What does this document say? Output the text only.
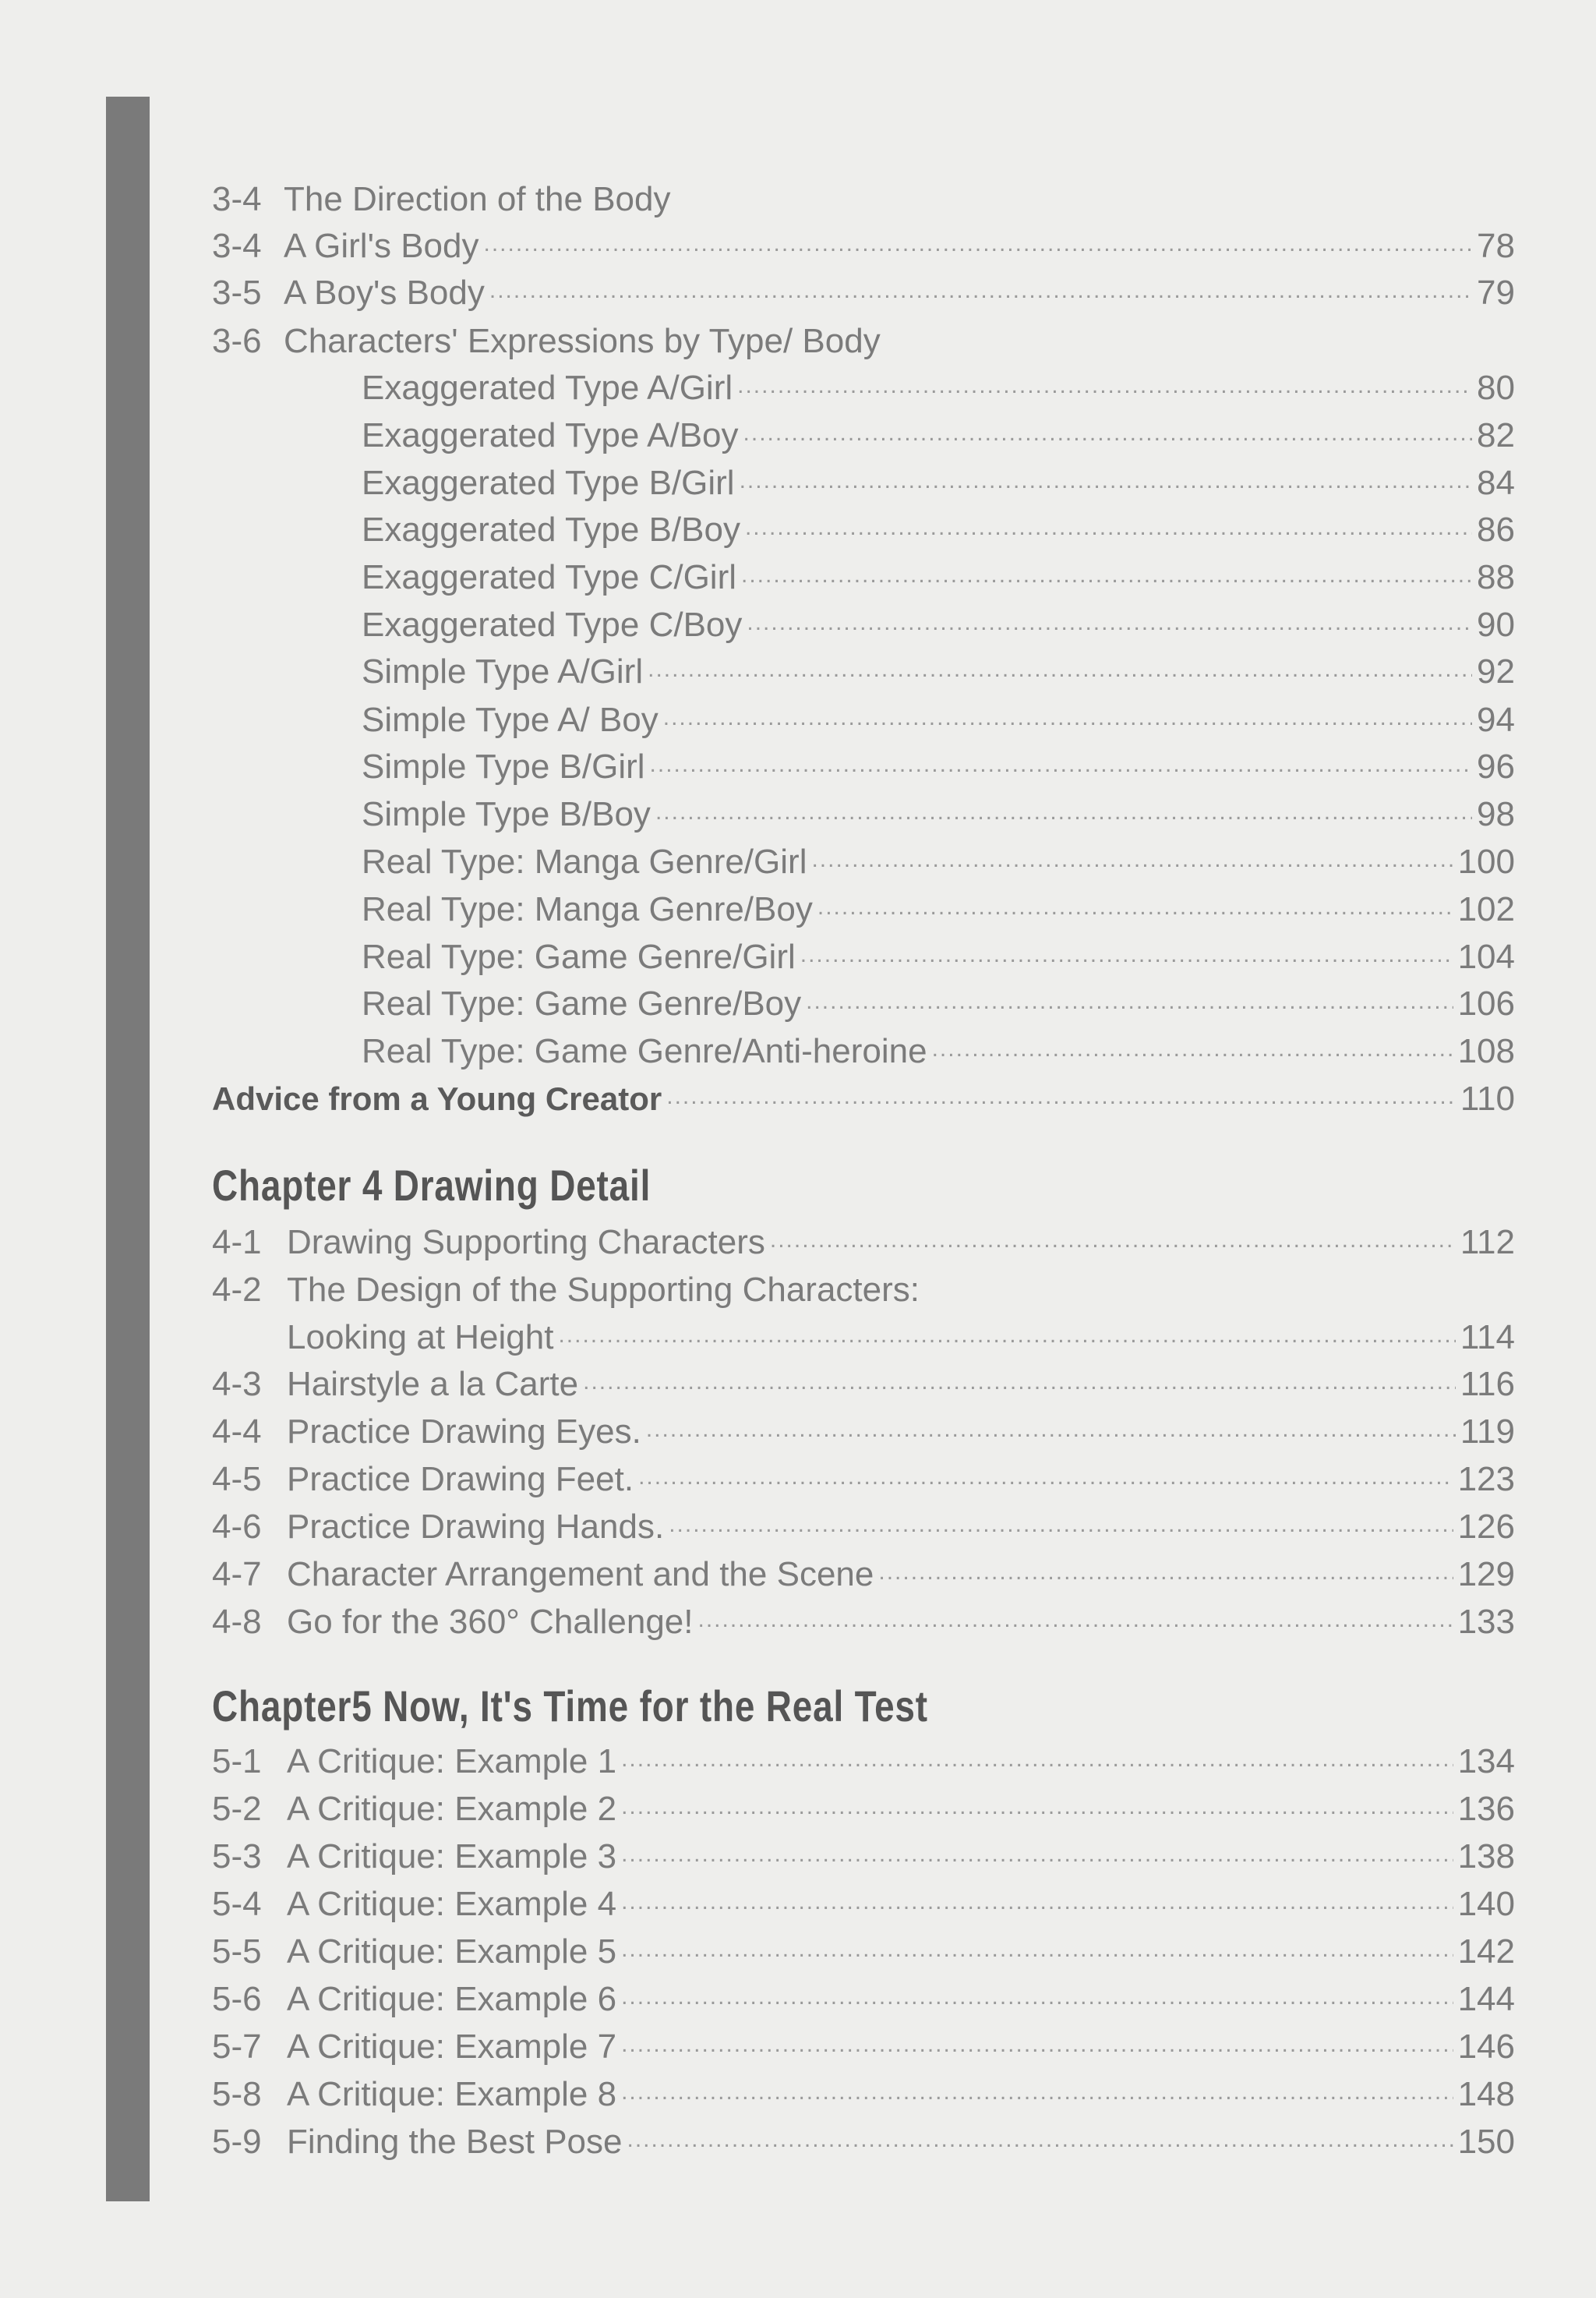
3-4 The Direction of the Body
3-4 A Girl's Body .....	78
3-5 A Boy's Body .....	79
3-6 Characters' Expressions by Type/ Body
Exaggerated Type A/Girl .....	80
Exaggerated Type A/Boy .....	82
Exaggerated Type B/Girl .....	84
Exaggerated Type B/Boy .....	86
Exaggerated Type C/Girl .....	88
Exaggerated Type C/Boy .....	90
Simple Type A/Girl .....	92
Simple Type A/ Boy .....	94
Simple Type B/Girl .....	96
Simple Type B/Boy .....	98
Real Type: Manga Genre/Girl .....	100
Real Type: Manga Genre/Boy .....	102
Real Type: Game Genre/Girl .....	104
Real Type: Game Genre/Boy .....	106
Real Type: Game Genre/Anti-heroine .....	108
Advice from a Young Creator .....	110
Chapter 4 Drawing Detail
4-1 Drawing Supporting Characters .....	112
4-2 The Design of the Supporting Characters:
Looking at Height .....	114
4-3 Hairstyle a la Carte .....	116
4-4 Practice Drawing Eyes. .....	119
4-5 Practice Drawing Feet. .....	123
4-6 Practice Drawing Hands. .....	126
4-7 Character Arrangement and the Scene .....	129
4-8 Go for the 360° Challenge! .....	133
Chapter5 Now, It's Time for the Real Test
5-1 A Critique: Example 1 .....	134
5-2 A Critique: Example 2 .....	136
5-3 A Critique: Example 3 .....	138
5-4 A Critique: Example 4 .....	140
5-5 A Critique: Example 5 .....	142
5-6 A Critique: Example 6 .....	144
5-7 A Critique: Example 7 .....	146
5-8 A Critique: Example 8 .....	148
5-9 Finding the Best Pose .....	150
